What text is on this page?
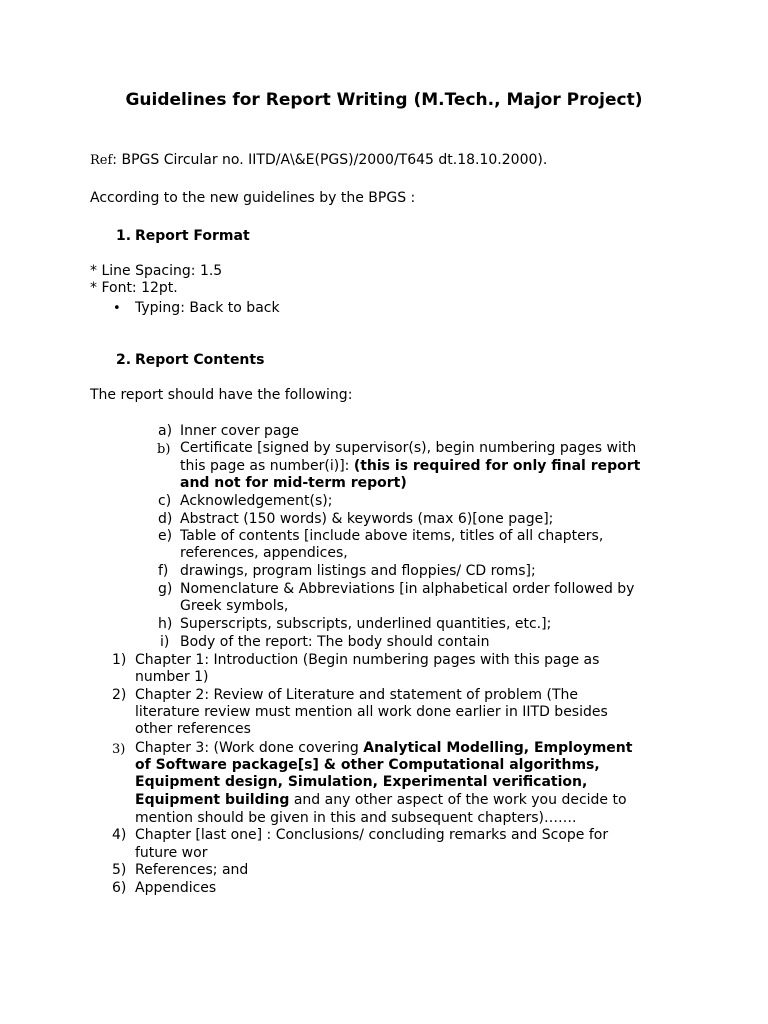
Guidelines for Report Writing (M.Tech., Major Project)
Ref: BPGS Circular no. IITD/A\&E(PGS)/2000/T645 dt.18.10.2000).
According to the new guidelines by the BPGS :
1. Report Format
* Line Spacing: 1.5
* Font: 12pt.
• Typing: Back to back
2. Report Contents
The report should have the following:
a) Inner cover page
b) Certificate [signed by supervisor(s), begin numbering pages with
this page as number(i)]: (this is required for only final report
and not for mid-term report)
c) Acknowledgement(s);
d) Abstract (150 words) & keywords (max 6)[one page];
e) Table of contents [include above items, titles of all chapters,
references, appendices,
f) drawings, program listings and floppies/ CD roms];
g) Nomenclature & Abbreviations [in alphabetical order followed by
Greek symbols,
h) Superscripts, subscripts, underlined quantities, etc.];
i) Body of the report: The body should contain
1) Chapter 1: Introduction (Begin numbering pages with this page as
number 1)
2) Chapter 2: Review of Literature and statement of problem (The
literature review must mention all work done earlier in IITD besides
other references
3) Chapter 3: (Work done covering Analytical Modelling, Employment
of Software package[s] & other Computational algorithms,
Equipment design, Simulation, Experimental verification,
Equipment building and any other aspect of the work you decide to
mention should be given in this and subsequent chapters)…….
4) Chapter [last one] : Conclusions/ concluding remarks and Scope for
future wor
5) References; and
6) Appendices
